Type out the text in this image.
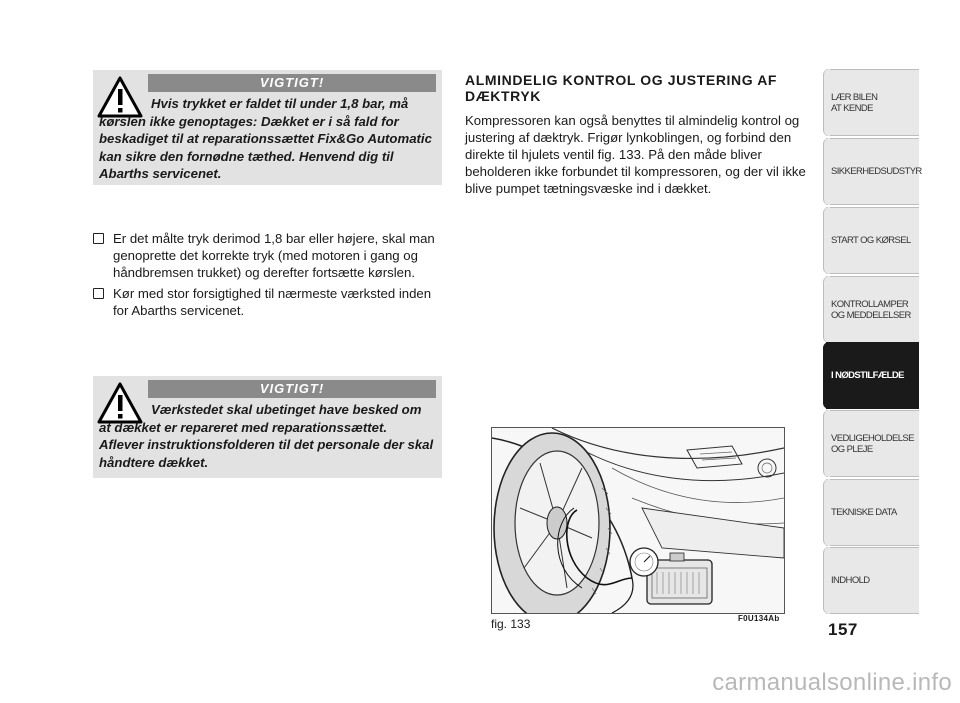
VIGTIGT!
Hvis trykket er faldet til under 1,8 bar, må kørslen ikke genoptages: Dækket er i så fald for beskadiget til at reparationssættet Fix&Go Automatic kan sikre den fornødne tæthed. Henvend dig til Abarths servicenet.
Er det målte tryk derimod 1,8 bar eller højere, skal man genoprette det korrekte tryk (med motoren i gang og håndbremsen trukket) og derefter fortsætte kørslen.
Kør med stor forsigtighed til nærmeste værksted inden for Abarths servicenet.
VIGTIGT!
Værkstedet skal ubetinget have besked om at dækket er repareret med reparationssættet. Aflever instruktionsfolderen til det personale der skal håndtere dækket.
ALMINDELIG KONTROL OG JUSTERING AF DÆKTRYK
Kompressoren kan også benyttes til almindelig kontrol og justering af dæktryk. Frigør lynkoblingen, og forbind den direkte til hjulets ventil fig. 133. På den måde bliver beholderen ikke forbundet til kompressoren, og der vil ikke blive pumpet tætningsvæske ind i dækket.
fig. 133	F0U134Ab
LÆR BILEN
AT KENDE
SIKKERHEDSUDSTYR
START OG KØRSEL
KONTROLLAMPER
OG MEDDELELSER
I NØDSTILFÆLDE
VEDLIGEHOLDELSE
OG PLEJE
TEKNISKE DATA
INDHOLD
157
carmanualsonline.info
